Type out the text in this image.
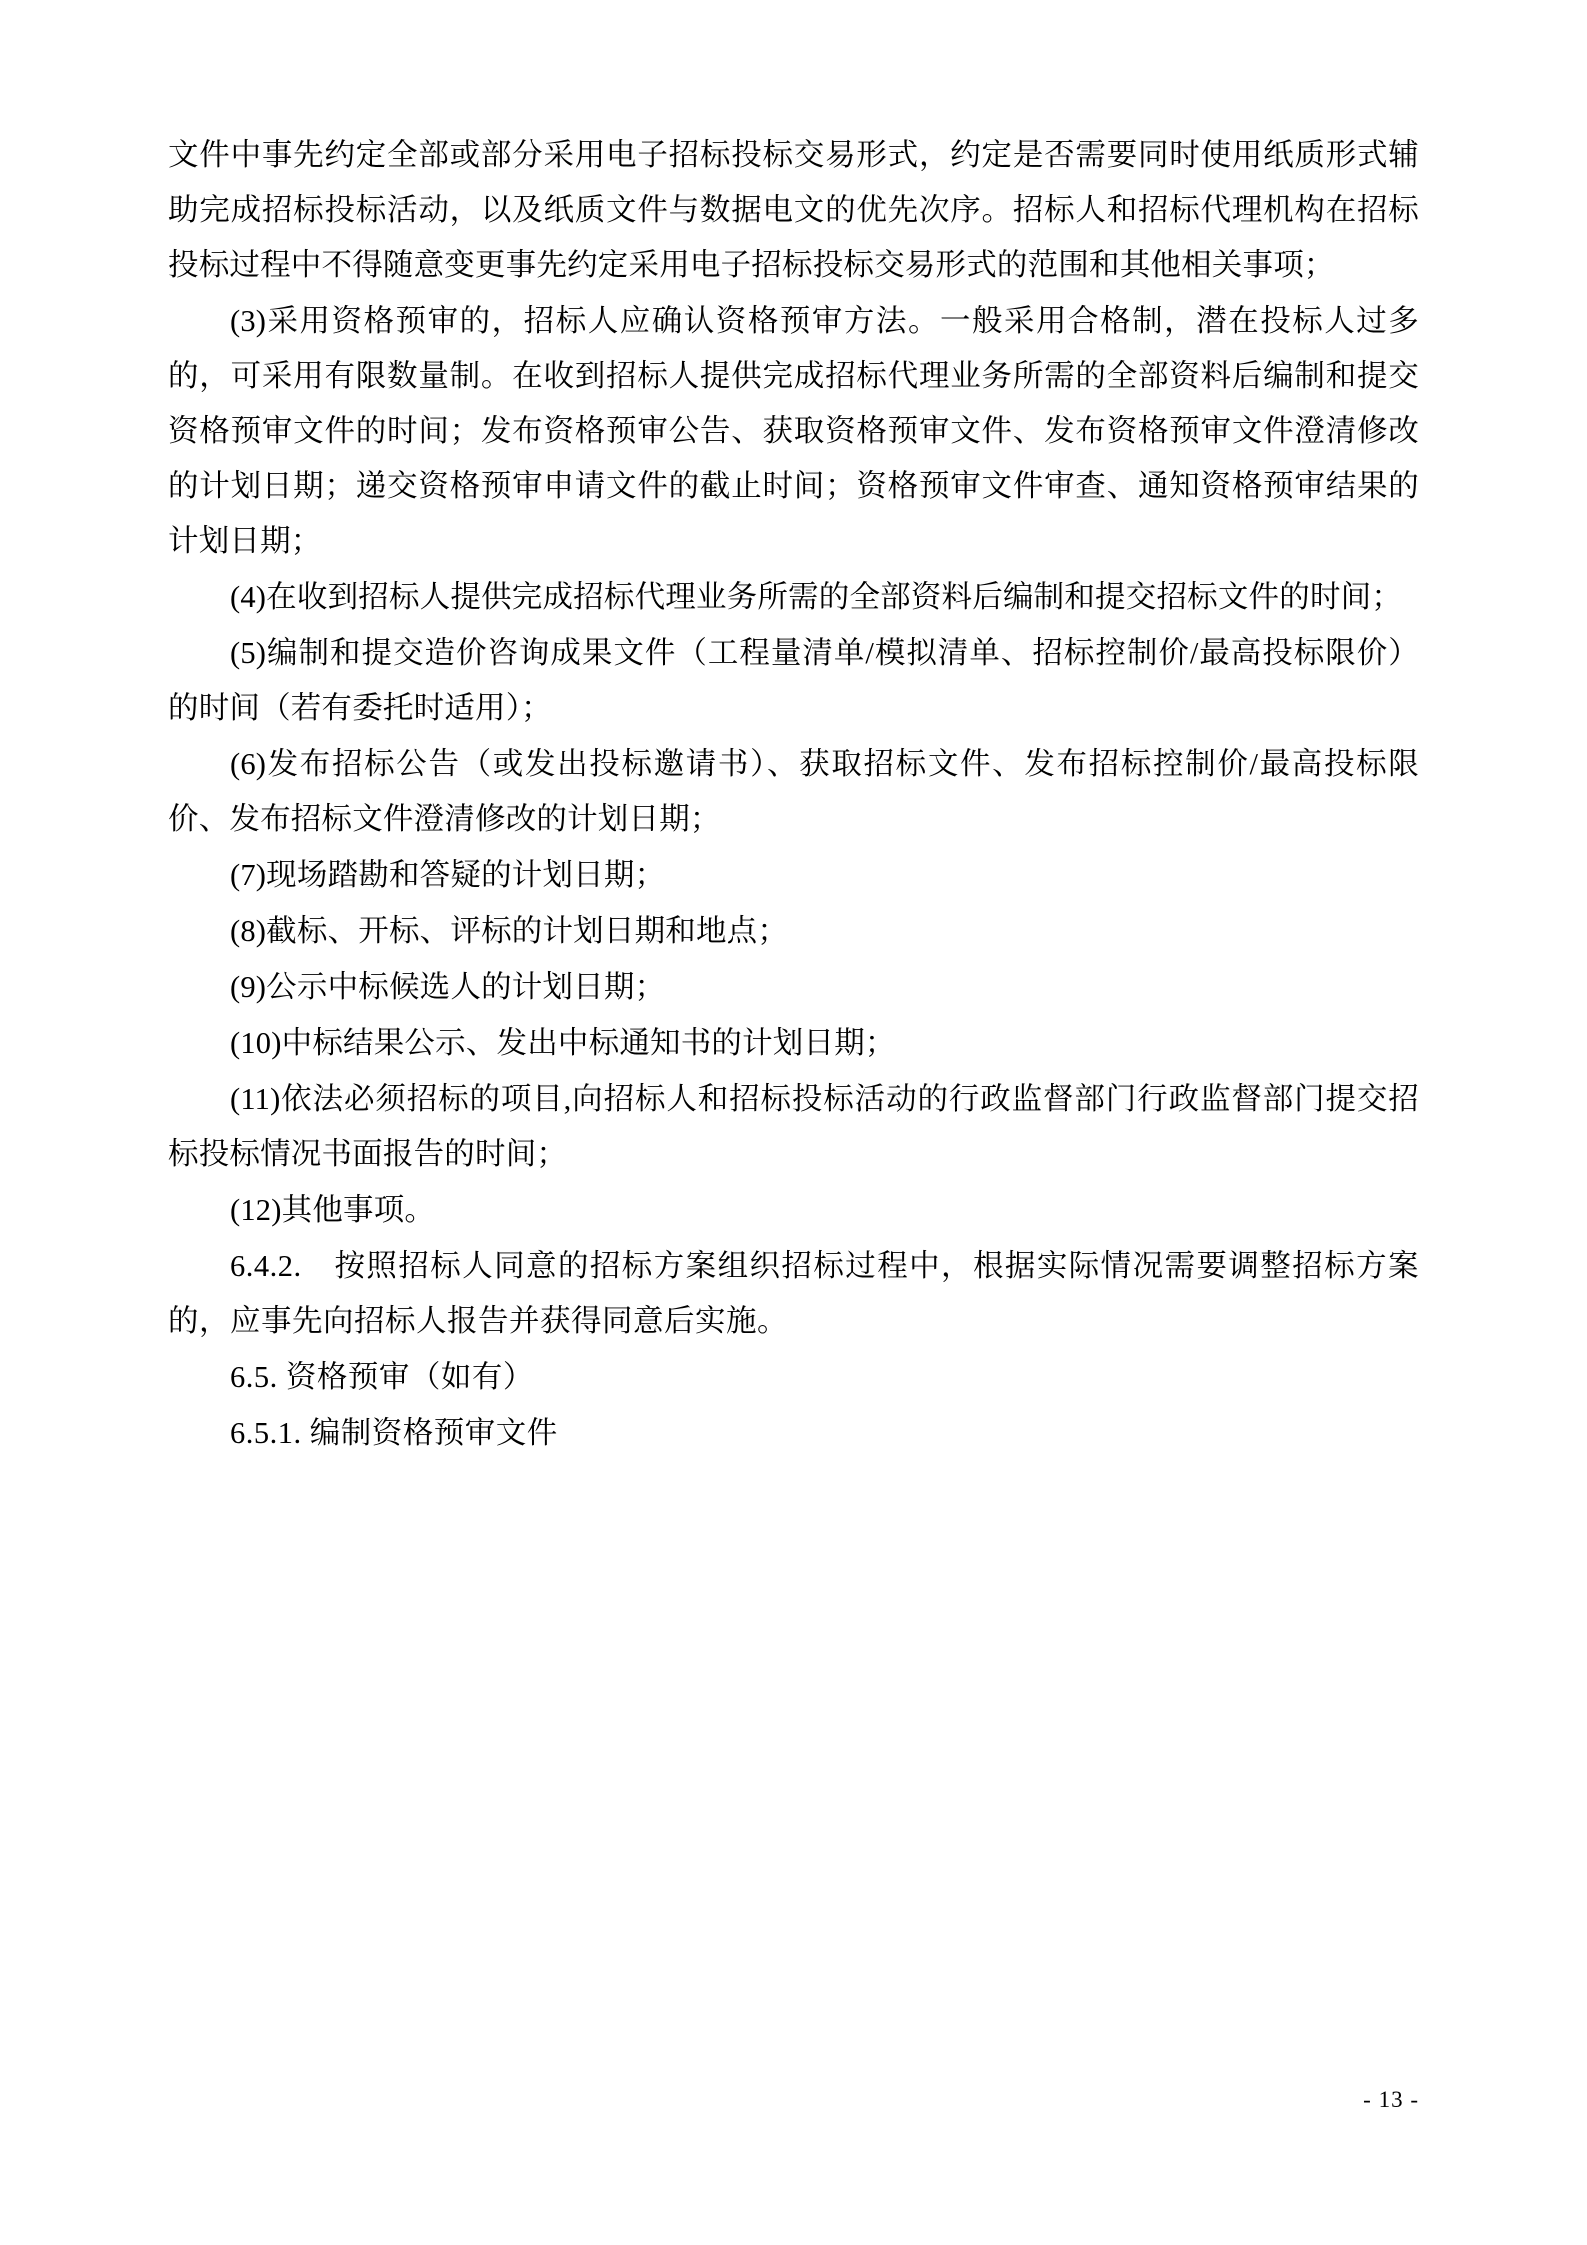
文件中事先约定全部或部分采用电子招标投标交易形式，约定是否需要同时使用纸质形式辅助完成招标投标活动，以及纸质文件与数据电文的优先次序。招标人和招标代理机构在招标投标过程中不得随意变更事先约定采用电子招标投标交易形式的范围和其他相关事项；

(3)采用资格预审的，招标人应确认资格预审方法。一般采用合格制，潜在投标人过多的，可采用有限数量制。在收到招标人提供完成招标代理业务所需的全部资料后编制和提交资格预审文件的时间；发布资格预审公告、获取资格预审文件、发布资格预审文件澄清修改的计划日期；递交资格预审申请文件的截止时间；资格预审文件审查、通知资格预审结果的计划日期；

(4)在收到招标人提供完成招标代理业务所需的全部资料后编制和提交招标文件的时间；

(5)编制和提交造价咨询成果文件（工程量清单/模拟清单、招标控制价/最高投标限价）的时间（若有委托时适用）；

(6)发布招标公告（或发出投标邀请书）、获取招标文件、发布招标控制价/最高投标限价、发布招标文件澄清修改的计划日期；

(7)现场踏勘和答疑的计划日期；

(8)截标、开标、评标的计划日期和地点；

(9)公示中标候选人的计划日期；

(10)中标结果公示、发出中标通知书的计划日期；

(11)依法必须招标的项目,向招标人和招标投标活动的行政监督部门行政监督部门提交招标投标情况书面报告的时间；

(12)其他事项。

6.4.2.　按照招标人同意的招标方案组织招标过程中，根据实际情况需要调整招标方案的，应事先向招标人报告并获得同意后实施。

6.5. 资格预审（如有）

6.5.1. 编制资格预审文件

- 13 -
